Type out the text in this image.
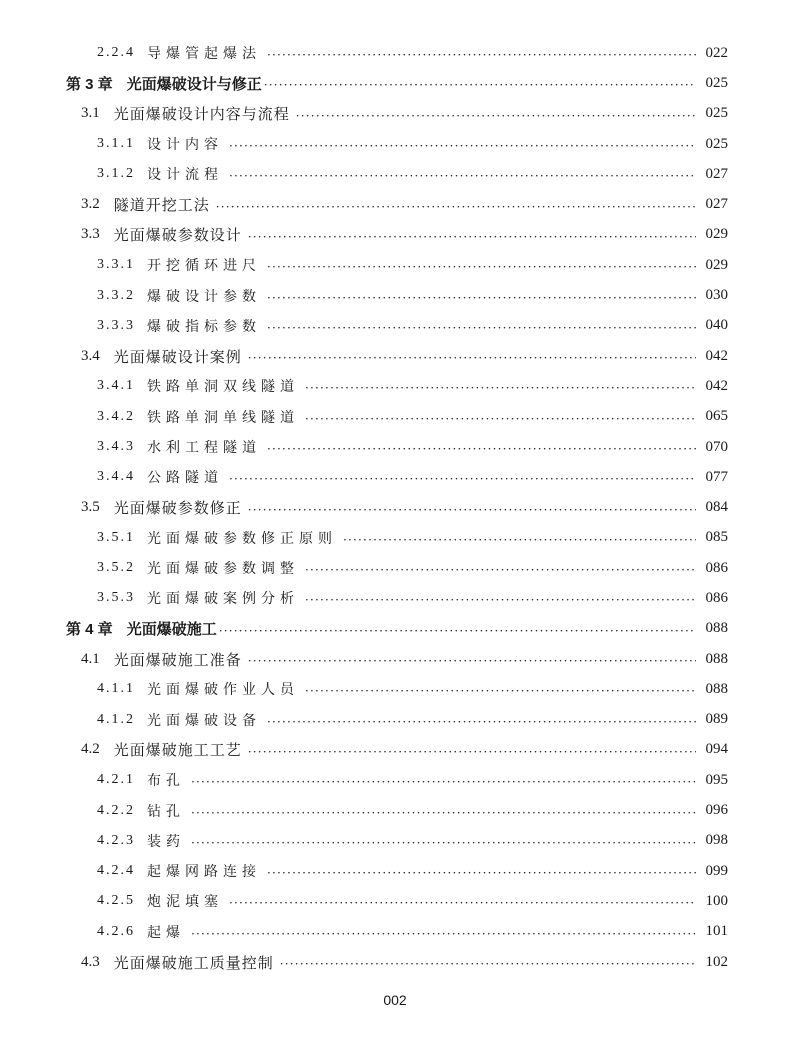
2.2.4 导爆管起爆法 ·····	022
第 3 章 光面爆破设计与修正 ·····	025
3.1 光面爆破设计内容与流程 ·····	025
3.1.1 设计内容 ·····	025
3.1.2 设计流程 ·····	027
3.2 隧道开挖工法 ·····	027
3.3 光面爆破参数设计 ·····	029
3.3.1 开挖循环进尺 ·····	029
3.3.2 爆破设计参数 ·····	030
3.3.3 爆破指标参数 ·····	040
3.4 光面爆破设计案例 ·····	042
3.4.1 铁路单洞双线隧道 ·····	042
3.4.2 铁路单洞单线隧道 ·····	065
3.4.3 水利工程隧道 ·····	070
3.4.4 公路隧道 ·····	077
3.5 光面爆破参数修正 ·····	084
3.5.1 光面爆破参数修正原则 ·····	085
3.5.2 光面爆破参数调整 ·····	086
3.5.3 光面爆破案例分析 ·····	086
第 4 章 光面爆破施工 ·····	088
4.1 光面爆破施工准备 ·····	088
4.1.1 光面爆破作业人员 ·····	088
4.1.2 光面爆破设备 ·····	089
4.2 光面爆破施工工艺 ·····	094
4.2.1 布孔 ·····	095
4.2.2 钻孔 ·····	096
4.2.3 装药 ·····	098
4.2.4 起爆网路连接 ·····	099
4.2.5 炮泥填塞 ·····	100
4.2.6 起爆 ·····	101
4.3 光面爆破施工质量控制 ·····	102
002
